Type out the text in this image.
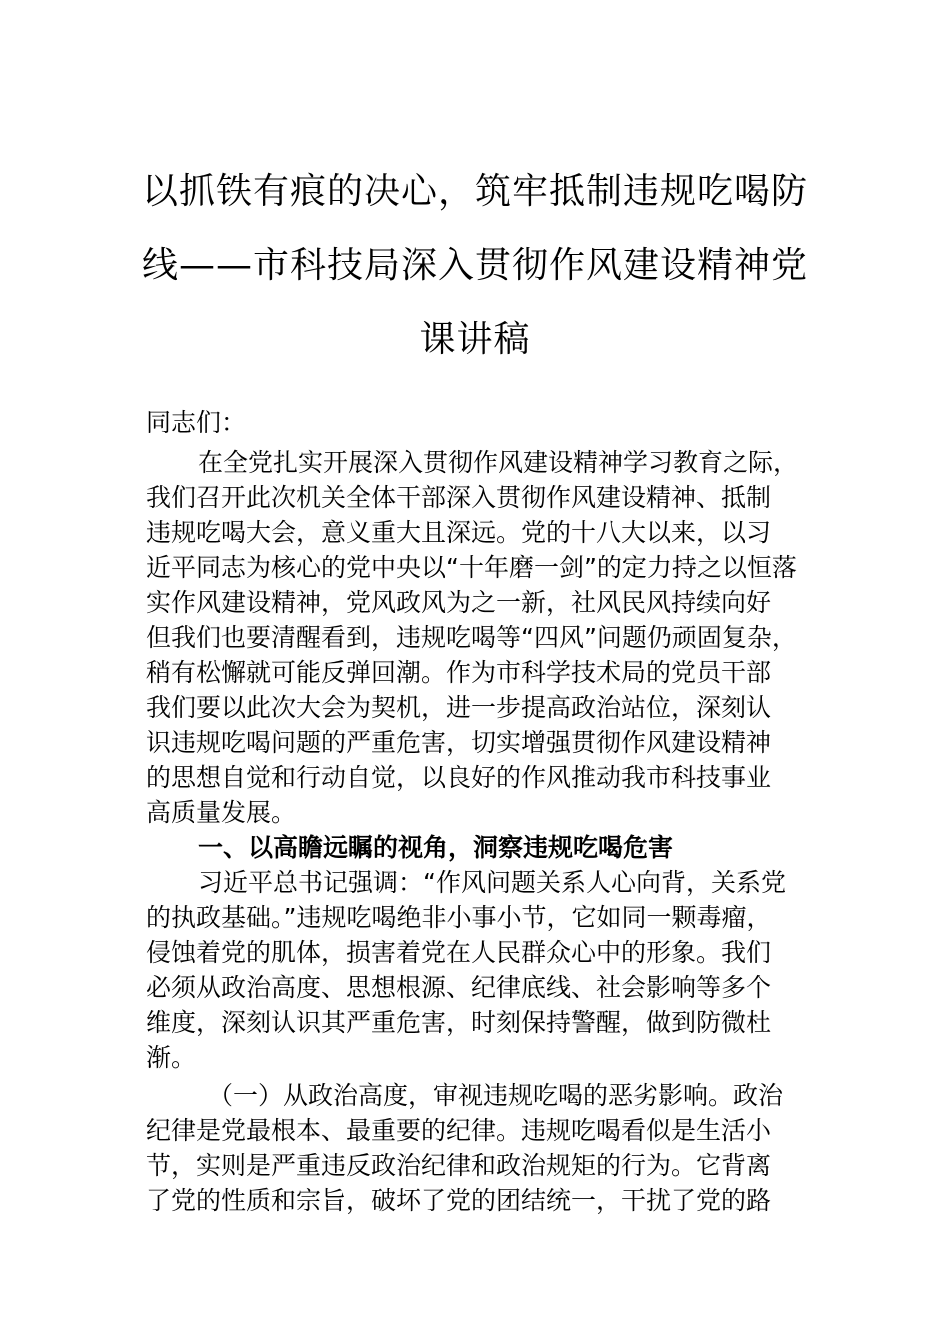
以抓铁有痕的决心，筑牢抵制违规吃喝防
线——市科技局深入贯彻作风建设精神党
课讲稿
同志们：
在全党扎实开展深入贯彻作风建设精神学习教育之际，
我们召开此次机关全体干部深入贯彻作风建设精神、抵制
违规吃喝大会，意义重大且深远。党的十八大以来，以习
近平同志为核心的党中央以“十年磨一剑”的定力持之以恒落
实作风建设精神，党风政风为之一新，社风民风持续向好
但我们也要清醒看到，违规吃喝等“四风”问题仍顽固复杂，
稍有松懈就可能反弹回潮。作为市科学技术局的党员干部
我们要以此次大会为契机，进一步提高政治站位，深刻认
识违规吃喝问题的严重危害，切实增强贯彻作风建设精神
的思想自觉和行动自觉，以良好的作风推动我市科技事业
高质量发展。
一、以高瞻远瞩的视角，洞察违规吃喝危害
习近平总书记强调：“作风问题关系人心向背，关系党
的执政基础。”违规吃喝绝非小事小节，它如同一颗毒瘤，
侵蚀着党的肌体，损害着党在人民群众心中的形象。我们
必须从政治高度、思想根源、纪律底线、社会影响等多个
维度，深刻认识其严重危害，时刻保持警醒，做到防微杜
渐。
（一）从政治高度，审视违规吃喝的恶劣影响。政治
纪律是党最根本、最重要的纪律。违规吃喝看似是生活小
节，实则是严重违反政治纪律和政治规矩的行为。它背离
了党的性质和宗旨，破坏了党的团结统一，干扰了党的路
